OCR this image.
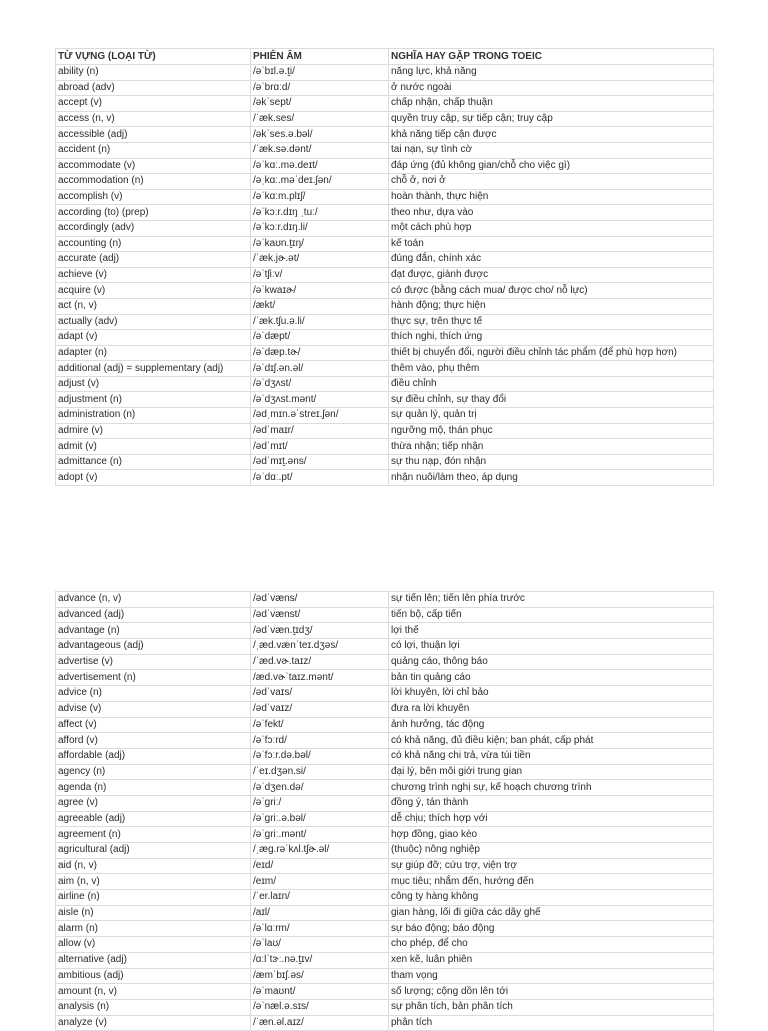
TỪ VỰNG (LOẠI TỪ)	PHIÊN ÂM	NGHĨA HAY GẶP TRONG TOEIC
ability (n)	/əˈbɪl.ə.t̬i/	năng lực, khả năng
abroad (adv)	/əˈbrɑːd/	ở nước ngoài
accept (v)	/əkˈsept/	chấp nhận, chấp thuận
access (n, v)	/ˈæk.ses/	quyền truy cập, sự tiếp cận; truy cập
accessible (adj)	/əkˈses.ə.bəl/	khả năng tiếp cận được
accident (n)	/ˈæk.sə.dənt/	tai nạn, sự tình cờ
accommodate (v)	/əˈkɑː.mə.deɪt/	đáp ứng (đủ không gian/chỗ cho việc gì)
accommodation (n)	/əˌkɑː.məˈdeɪ.ʃən/	chỗ ở, nơi ở
accomplish (v)	/əˈkɑːm.plɪʃ/	hoàn thành, thực hiện
according (to) (prep)	/əˈkɔːr.dɪŋ ˌtuː/	theo như, dựa vào
accordingly (adv)	/əˈkɔːr.dɪŋ.li/	một cách phù hợp
accounting (n)	/əˈkaʊn.t̬ɪŋ/	kế toán
accurate (adj)	/ˈæk.jɚ.ət/	đúng đắn, chính xác
achieve (v)	/əˈtʃiːv/	đạt được, giành được
acquire (v)	/əˈkwaɪɚ/	có được (bằng cách mua/ được cho/ nỗ lực)
act (n, v)	/ækt/	hành động; thực hiện
actually (adv)	/ˈæk.tʃu.ə.li/	thực sự, trên thực tế
adapt (v)	/əˈdæpt/	thích nghi, thích ứng
adapter (n)	/əˈdæp.tɚ/	thiết bị chuyển đổi, người điều chỉnh tác phẩm (để phù hợp hơn)
additional (adj) = supplementary (adj)	/əˈdɪʃ.ən.əl/	thêm vào, phụ thêm
adjust (v)	/əˈdʒʌst/	điều chỉnh
adjustment (n)	/əˈdʒʌst.mənt/	sự điều chỉnh, sự thay đổi
administration (n)	/ədˌmɪn.əˈstreɪ.ʃən/	sự quản lý, quản trị
admire (v)	/ədˈmaɪr/	ngưỡng mộ, thán phục
admit (v)	/ədˈmɪt/	thừa nhận; tiếp nhận
admittance (n)	/ədˈmɪt̬.əns/	sự thu nạp, đón nhận
adopt (v)	/əˈdɑː.pt/	nhận nuôi/làm theo, áp dụng
advance (n, v)	/ədˈvæns/	sự tiến lên; tiến lên phía trước
advanced (adj)	/ədˈvænst/	tiến bộ, cấp tiến
advantage (n)	/ədˈvæn.t̬ɪdʒ/	lợi thế
advantageous (adj)	/ˌæd.vænˈteɪ.dʒəs/	có lợi, thuận lợi
advertise (v)	/ˈæd.vɚ.taɪz/	quảng cáo, thông báo
advertisement (n)	/æd.vɚˈtaɪz.mənt/	bản tin quảng cáo
advice (n)	/ədˈvaɪs/	lời khuyên, lời chỉ bảo
advise (v)	/ədˈvaɪz/	đưa ra lời khuyên
affect (v)	/əˈfekt/	ảnh hưởng, tác động
afford (v)	/əˈfɔːrd/	có khả năng, đủ điều kiện; ban phát, cấp phát
affordable (adj)	/əˈfɔːr.də.bəl/	có khả năng chi trả, vừa túi tiền
agency (n)	/ˈeɪ.dʒən.si/	đại lý, bên môi giới trung gian
agenda (n)	/əˈdʒen.də/	chương trình nghị sự, kế hoạch chương trình
agree (v)	/əˈɡriː/	đồng ý, tán thành
agreeable (adj)	/əˈɡriː.ə.bəl/	dễ chịu; thích hợp với
agreement (n)	/əˈɡriː.mənt/	hợp đồng, giao kèo
agricultural (adj)	/ˌæɡ.rəˈkʌl.tʃɚ.əl/	(thuộc) nông nghiệp
aid (n, v)	/eɪd/	sự giúp đỡ; cứu trợ, viện trợ
aim (n, v)	/eɪm/	mục tiêu; nhắm đến, hướng đến
airline (n)	/ˈer.laɪn/	công ty hàng không
aisle (n)	/aɪl/	gian hàng, lối đi giữa các dãy ghế
alarm (n)	/əˈlɑːrm/	sự báo động; báo động
allow (v)	/əˈlaʊ/	cho phép, để cho
alternative (adj)	/ɑːlˈtɝː.nə.t̬ɪv/	xen kẽ, luân phiên
ambitious (adj)	/æmˈbɪʃ.əs/	tham vọng
amount (n, v)	/əˈmaʊnt/	số lượng; cộng dồn lên tới
analysis (n)	/əˈnæl.ə.sɪs/	sự phân tích, bản phân tích
analyze (v)	/ˈæn.əl.aɪz/	phân tích
